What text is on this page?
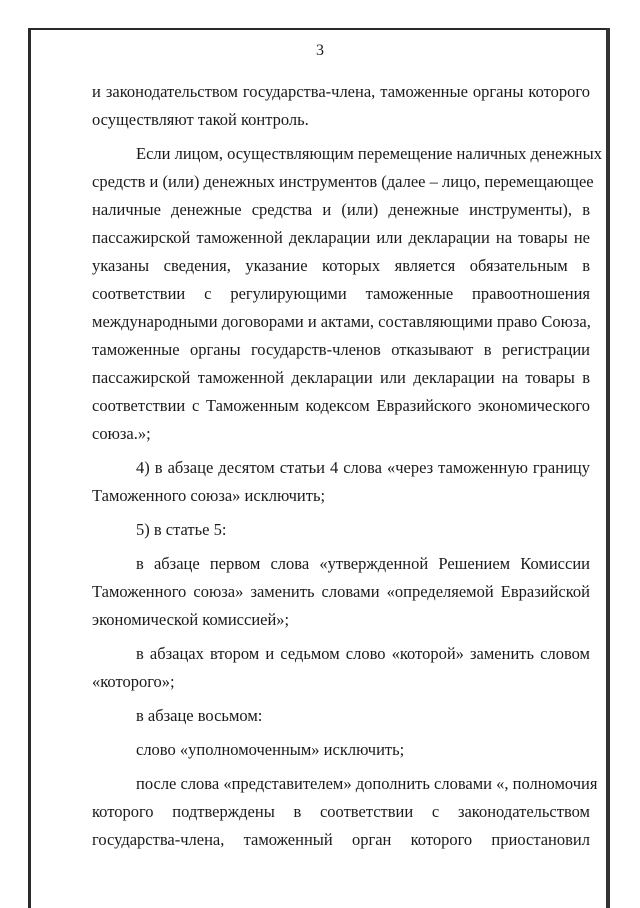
3
и законодательством государства-члена, таможенные органы которого
осуществляют такой контроль.
Если лицом, осуществляющим перемещение наличных денежных
средств и (или) денежных инструментов (далее – лицо, перемещающее
наличные денежные средства и (или) денежные инструменты), в
пассажирской таможенной декларации или декларации на товары не
указаны сведения, указание которых является обязательным в
соответствии с регулирующими таможенные правоотношения
международными договорами и актами, составляющими право Союза,
таможенные органы государств-членов отказывают в регистрации
пассажирской таможенной декларации или декларации на товары в
соответствии с Таможенным кодексом Евразийского экономического
союза.»;
4) в абзаце десятом статьи 4 слова «через таможенную границу
Таможенного союза» исключить;
5) в статье 5:
в абзаце первом слова «утвержденной Решением Комиссии
Таможенного союза» заменить словами «определяемой Евразийской
экономической комиссией»;
в абзацах втором и седьмом слово «которой» заменить словом
«которого»;
в абзаце восьмом:
слово «уполномоченным» исключить;
после слова «представителем» дополнить словами «, полномочия
которого подтверждены в соответствии с законодательством
государства-члена, таможенный орган которого приостановил
